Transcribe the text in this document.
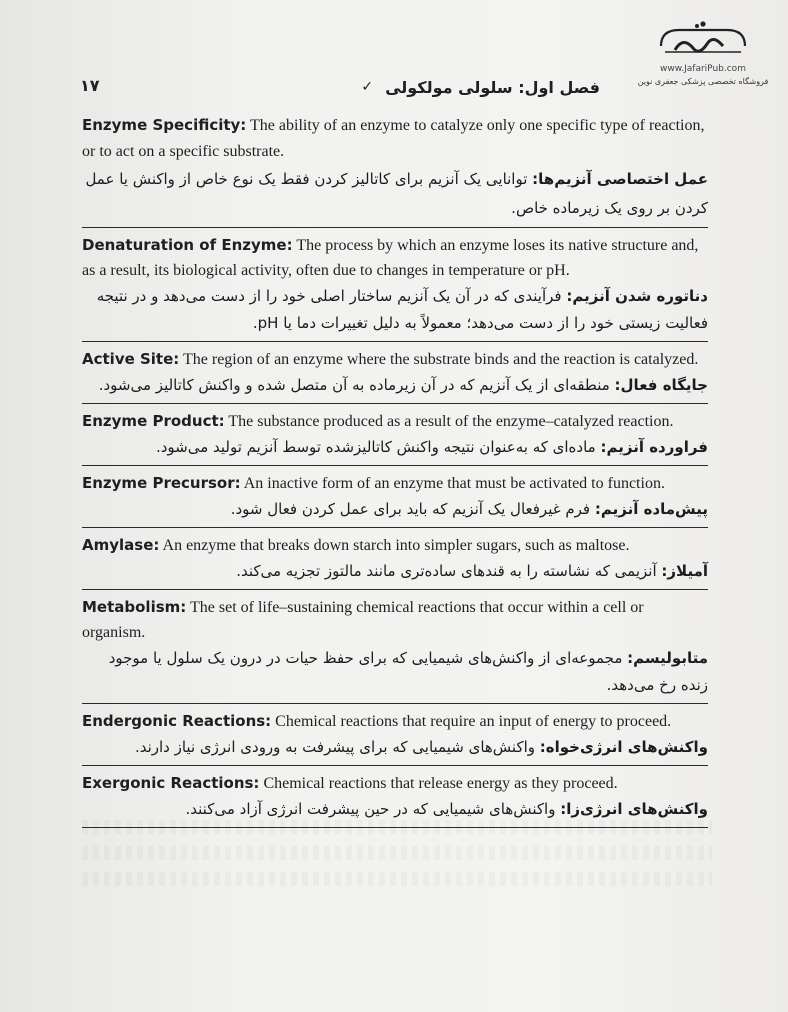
www.JafariPub.com
فروشگاه تخصصی پزشکی جعفری نوین
فصل اول: سلولی مولکولی
✓
۱۷
Enzyme Specificity: The ability of an enzyme to catalyze only one specific type of reaction, or to act on a specific substrate.
عمل اختصاصی آنزیم‌ها: توانایی یک آنزیم برای کاتالیز کردن فقط یک نوع خاص از واکنش یا عمل کردن بر روی یک زیرماده خاص.
Denaturation of Enzyme: The process by which an enzyme loses its native structure and, as a result, its biological activity, often due to changes in temperature or pH.
دناتوره شدن آنزیم: فرآیندی که در آن یک آنزیم ساختار اصلی خود را از دست می‌دهد و در نتیجه فعالیت زیستی خود را از دست می‌دهد؛ معمولاً به دلیل تغییرات دما یا pH.
Active Site: The region of an enzyme where the substrate binds and the reaction is catalyzed.
جایگاه فعال: منطقه‌ای از یک آنزیم که در آن زیرماده به آن متصل شده و واکنش کاتالیز می‌شود.
Enzyme Product: The substance produced as a result of the enzyme–catalyzed reaction.
فراورده آنزیم: ماده‌ای که به‌عنوان نتیجه واکنش کاتالیزشده توسط آنزیم تولید می‌شود.
Enzyme Precursor: An inactive form of an enzyme that must be activated to function.
پیش‌ماده آنزیم: فرم غیرفعال یک آنزیم که باید برای عمل کردن فعال شود.
Amylase: An enzyme that breaks down starch into simpler sugars, such as maltose.
آمیلاز: آنزیمی که نشاسته را به قندهای ساده‌تری مانند مالتوز تجزیه می‌کند.
Metabolism: The set of life–sustaining chemical reactions that occur within a cell or organism.
متابولیسم: مجموعه‌ای از واکنش‌های شیمیایی که برای حفظ حیات در درون یک سلول یا موجود زنده رخ می‌دهد.
Endergonic Reactions: Chemical reactions that require an input of energy to proceed.
واکنش‌های انرژی‌خواه: واکنش‌های شیمیایی که برای پیشرفت به ورودی انرژی نیاز دارند.
Exergonic Reactions: Chemical reactions that release energy as they proceed.
واکنش‌های انرژی‌زا: واکنش‌های شیمیایی که در حین پیشرفت انرژی آزاد می‌کنند.
